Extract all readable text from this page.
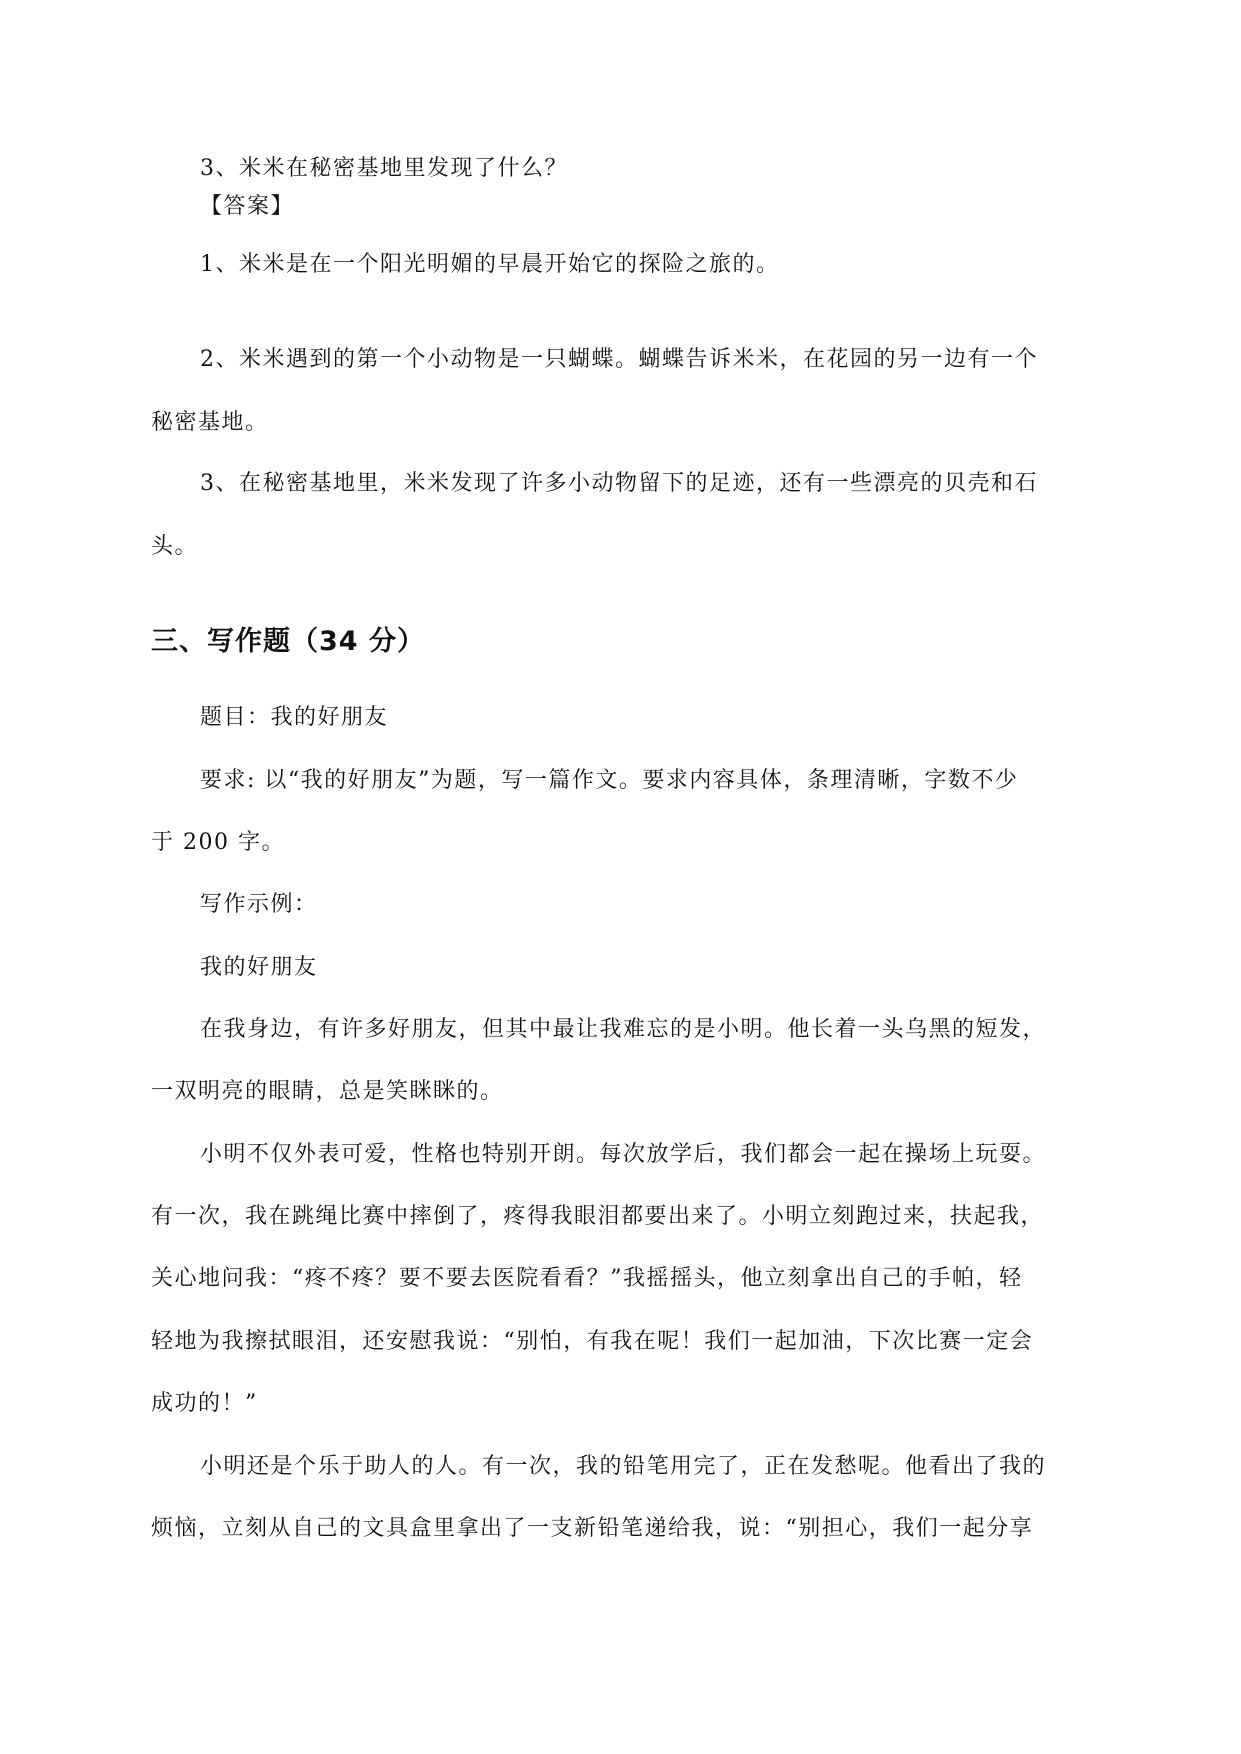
3、米米在秘密基地里发现了什么？

【答案】

1、米米是在一个阳光明媚的早晨开始它的探险之旅的。

2、米米遇到的第一个小动物是一只蝴蝶。蝴蝶告诉米米，在花园的另一边有一个

秘密基地。

3、在秘密基地里，米米发现了许多小动物留下的足迹，还有一些漂亮的贝壳和石

头。

三、写作题（34 分）

题目：我的好朋友

要求: 以“我的好朋友”为题，写一篇作文。要求内容具体，条理清晰，字数不少

于 200 字。

写作示例：

我的好朋友

在我身边，有许多好朋友，但其中最让我难忘的是小明。他长着一头乌黑的短发，

一双明亮的眼睛，总是笑眯眯的。

小明不仅外表可爱，性格也特别开朗。每次放学后，我们都会一起在操场上玩耍。

有一次，我在跳绳比赛中摔倒了，疼得我眼泪都要出来了。小明立刻跑过来，扶起我，

关心地问我：“疼不疼？要不要去医院看看？”我摇摇头，他立刻拿出自己的手帕，轻

轻地为我擦拭眼泪，还安慰我说：“别怕，有我在呢！我们一起加油，下次比赛一定会

成功的！”

小明还是个乐于助人的人。有一次，我的铅笔用完了，正在发愁呢。他看出了我的

烦恼，立刻从自己的文具盒里拿出了一支新铅笔递给我，说：“别担心，我们一起分享
